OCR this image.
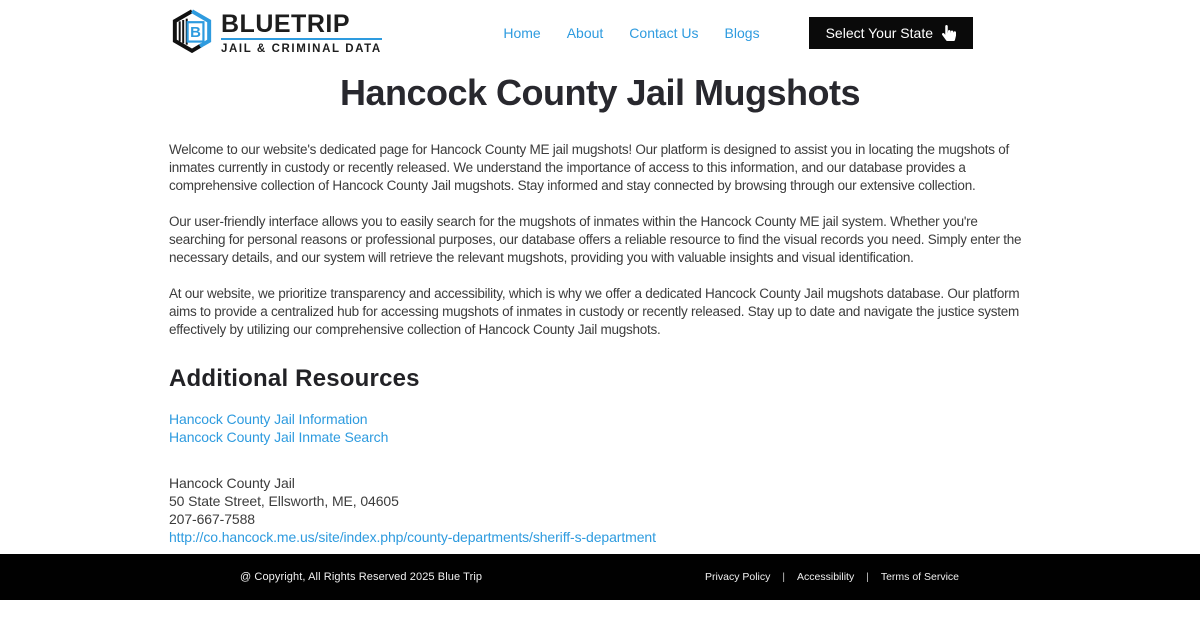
B BLUETRIP
JAIL & CRIMINAL DATA
Home About Contact Us Blogs	Select Your State
Hancock County Jail Mugshots

Welcome to our website's dedicated page for Hancock County ME jail mugshots! Our platform is designed to assist you in locating the mugshots of inmates currently in custody or recently released. We understand the importance of access to this information, and our database provides a comprehensive collection of Hancock County Jail mugshots. Stay informed and stay connected by browsing through our extensive collection.

Our user-friendly interface allows you to easily search for the mugshots of inmates within the Hancock County ME jail system. Whether you're searching for personal reasons or professional purposes, our database offers a reliable resource to find the visual records you need. Simply enter the necessary details, and our system will retrieve the relevant mugshots, providing you with valuable insights and visual identification.

At our website, we prioritize transparency and accessibility, which is why we offer a dedicated Hancock County Jail mugshots database. Our platform aims to provide a centralized hub for accessing mugshots of inmates in custody or recently released. Stay up to date and navigate the justice system effectively by utilizing our comprehensive collection of Hancock County Jail mugshots.

Additional Resources
Hancock County Jail Information
Hancock County Jail Inmate Search
Hancock County Jail
50 State Street, Ellsworth, ME, 04605
207-667-7588
http://co.hancock.me.us/site/index.php/county-departments/sheriff-s-department
@ Copyright, All Rights Reserved 2025 Blue Trip	Privacy Policy | Accessibility | Terms of Service
